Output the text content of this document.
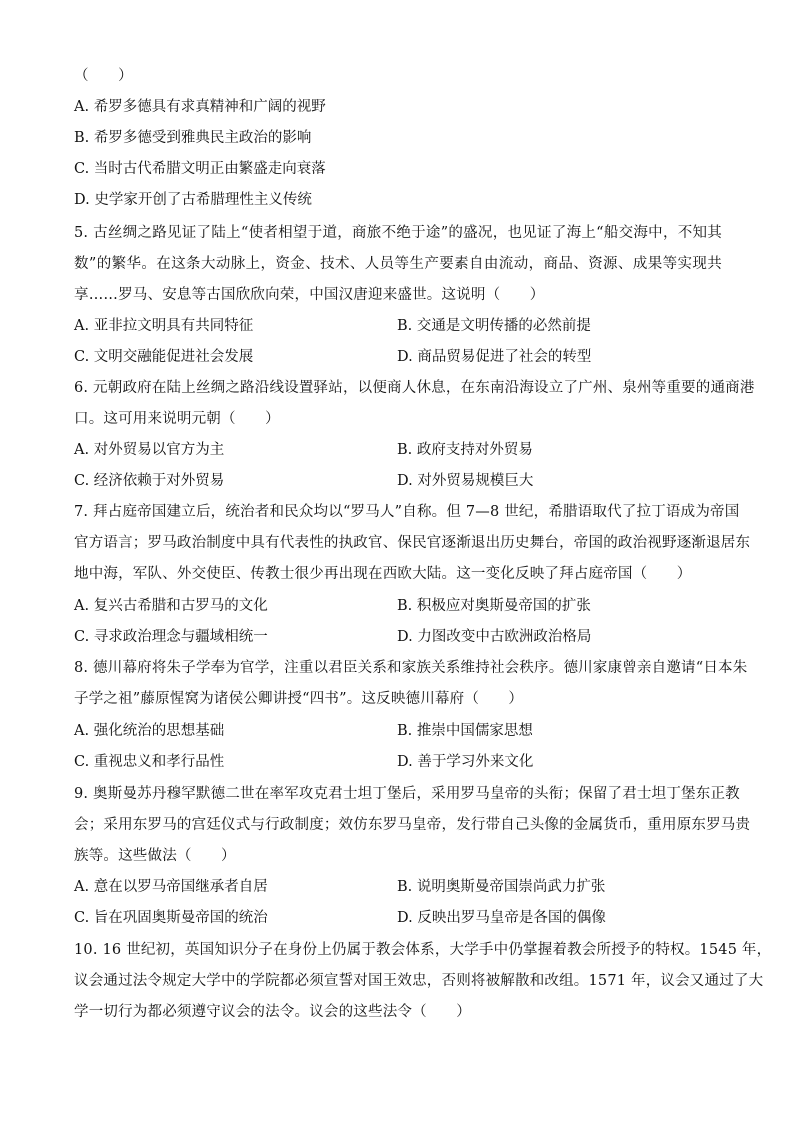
（　　）
A. 希罗多德具有求真精神和广阔的视野
B. 希罗多德受到雅典民主政治的影响
C. 当时古代希腊文明正由繁盛走向衰落
D. 史学家开创了古希腊理性主义传统
5. 古丝绸之路见证了陆上“使者相望于道，商旅不绝于途”的盛况，也见证了海上“船交海中，不知其
数”的繁华。在这条大动脉上，资金、技术、人员等生产要素自由流动，商品、资源、成果等实现共
享……罗马、安息等古国欣欣向荣，中国汉唐迎来盛世。这说明（　　）
A. 亚非拉文明具有共同特征	B. 交通是文明传播的必然前提
C. 文明交融能促进社会发展	D. 商品贸易促进了社会的转型
6. 元朝政府在陆上丝绸之路沿线设置驿站，以便商人休息，在东南沿海设立了广州、泉州等重要的通商港
口。这可用来说明元朝（　　）
A. 对外贸易以官方为主	B. 政府支持对外贸易
C. 经济依赖于对外贸易	D. 对外贸易规模巨大
7. 拜占庭帝国建立后，统治者和民众均以“罗马人”自称。但 7—8 世纪，希腊语取代了拉丁语成为帝国
官方语言；罗马政治制度中具有代表性的执政官、保民官逐渐退出历史舞台，帝国的政治视野逐渐退居东
地中海，军队、外交使臣、传教士很少再出现在西欧大陆。这一变化反映了拜占庭帝国（　　）
A. 复兴古希腊和古罗马的文化	B. 积极应对奥斯曼帝国的扩张
C. 寻求政治理念与疆域相统一	D. 力图改变中古欧洲政治格局
8. 德川幕府将朱子学奉为官学，注重以君臣关系和家族关系维持社会秩序。德川家康曾亲自邀请“日本朱
子学之祖”藤原惺窝为诸侯公卿讲授“四书”。这反映德川幕府（　　）
A. 强化统治的思想基础	B. 推崇中国儒家思想
C. 重视忠义和孝行品性	D. 善于学习外来文化
9. 奥斯曼苏丹穆罕默德二世在率军攻克君士坦丁堡后，采用罗马皇帝的头衔；保留了君士坦丁堡东正教
会；采用东罗马的宫廷仪式与行政制度；效仿东罗马皇帝，发行带自己头像的金属货币，重用原东罗马贵
族等。这些做法（　　）
A. 意在以罗马帝国继承者自居	B. 说明奥斯曼帝国崇尚武力扩张
C. 旨在巩固奥斯曼帝国的统治	D. 反映出罗马皇帝是各国的偶像
10. 16 世纪初，英国知识分子在身份上仍属于教会体系，大学手中仍掌握着教会所授予的特权。1545 年，
议会通过法令规定大学中的学院都必须宣誓对国王效忠，否则将被解散和改组。1571 年，议会又通过了大
学一切行为都必须遵守议会的法令。议会的这些法令（　　）
